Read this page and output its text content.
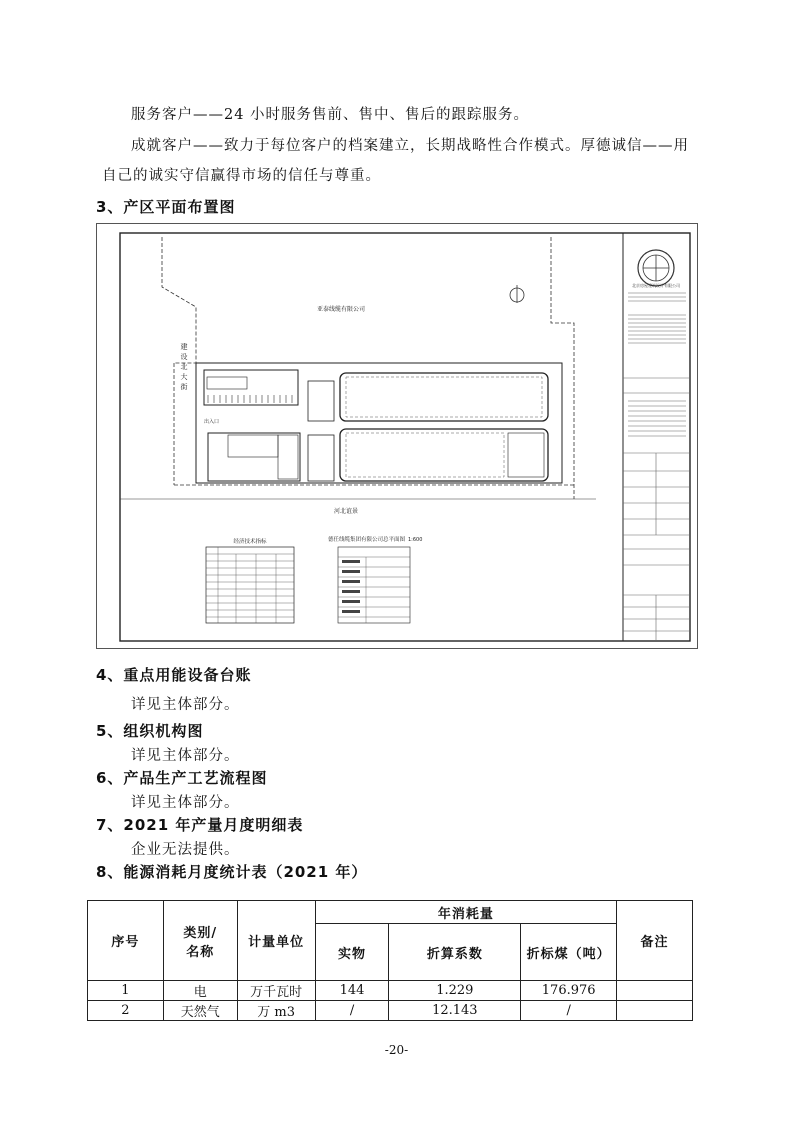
服务客户——24 小时服务售前、售中、售后的跟踪服务。
成就客户——致力于每位客户的档案建立，长期战略性合作模式。厚德诚信——用
自己的诚实守信赢得市场的信任与尊重。
3、产区平面布置图
北京房屋建筑设计有限公司
亚泰线缆有限公司
建设北大街
出入口
河北谊景
德任线缆集团有限公司总平面图 1:600
经济技术指标
4、重点用能设备台账
详见主体部分。
5、组织机构图
详见主体部分。
6、产品生产工艺流程图
详见主体部分。
7、2021 年产量月度明细表
企业无法提供。
8、能源消耗月度统计表（2021 年）
序号	类别/名称	计量单位	年消耗量			备注
			实物	折算系数	折标煤（吨）	
1	电	万千瓦时	144	1.229	176.976	
2	天然气	万 m3	/	12.143	/	
-20-
